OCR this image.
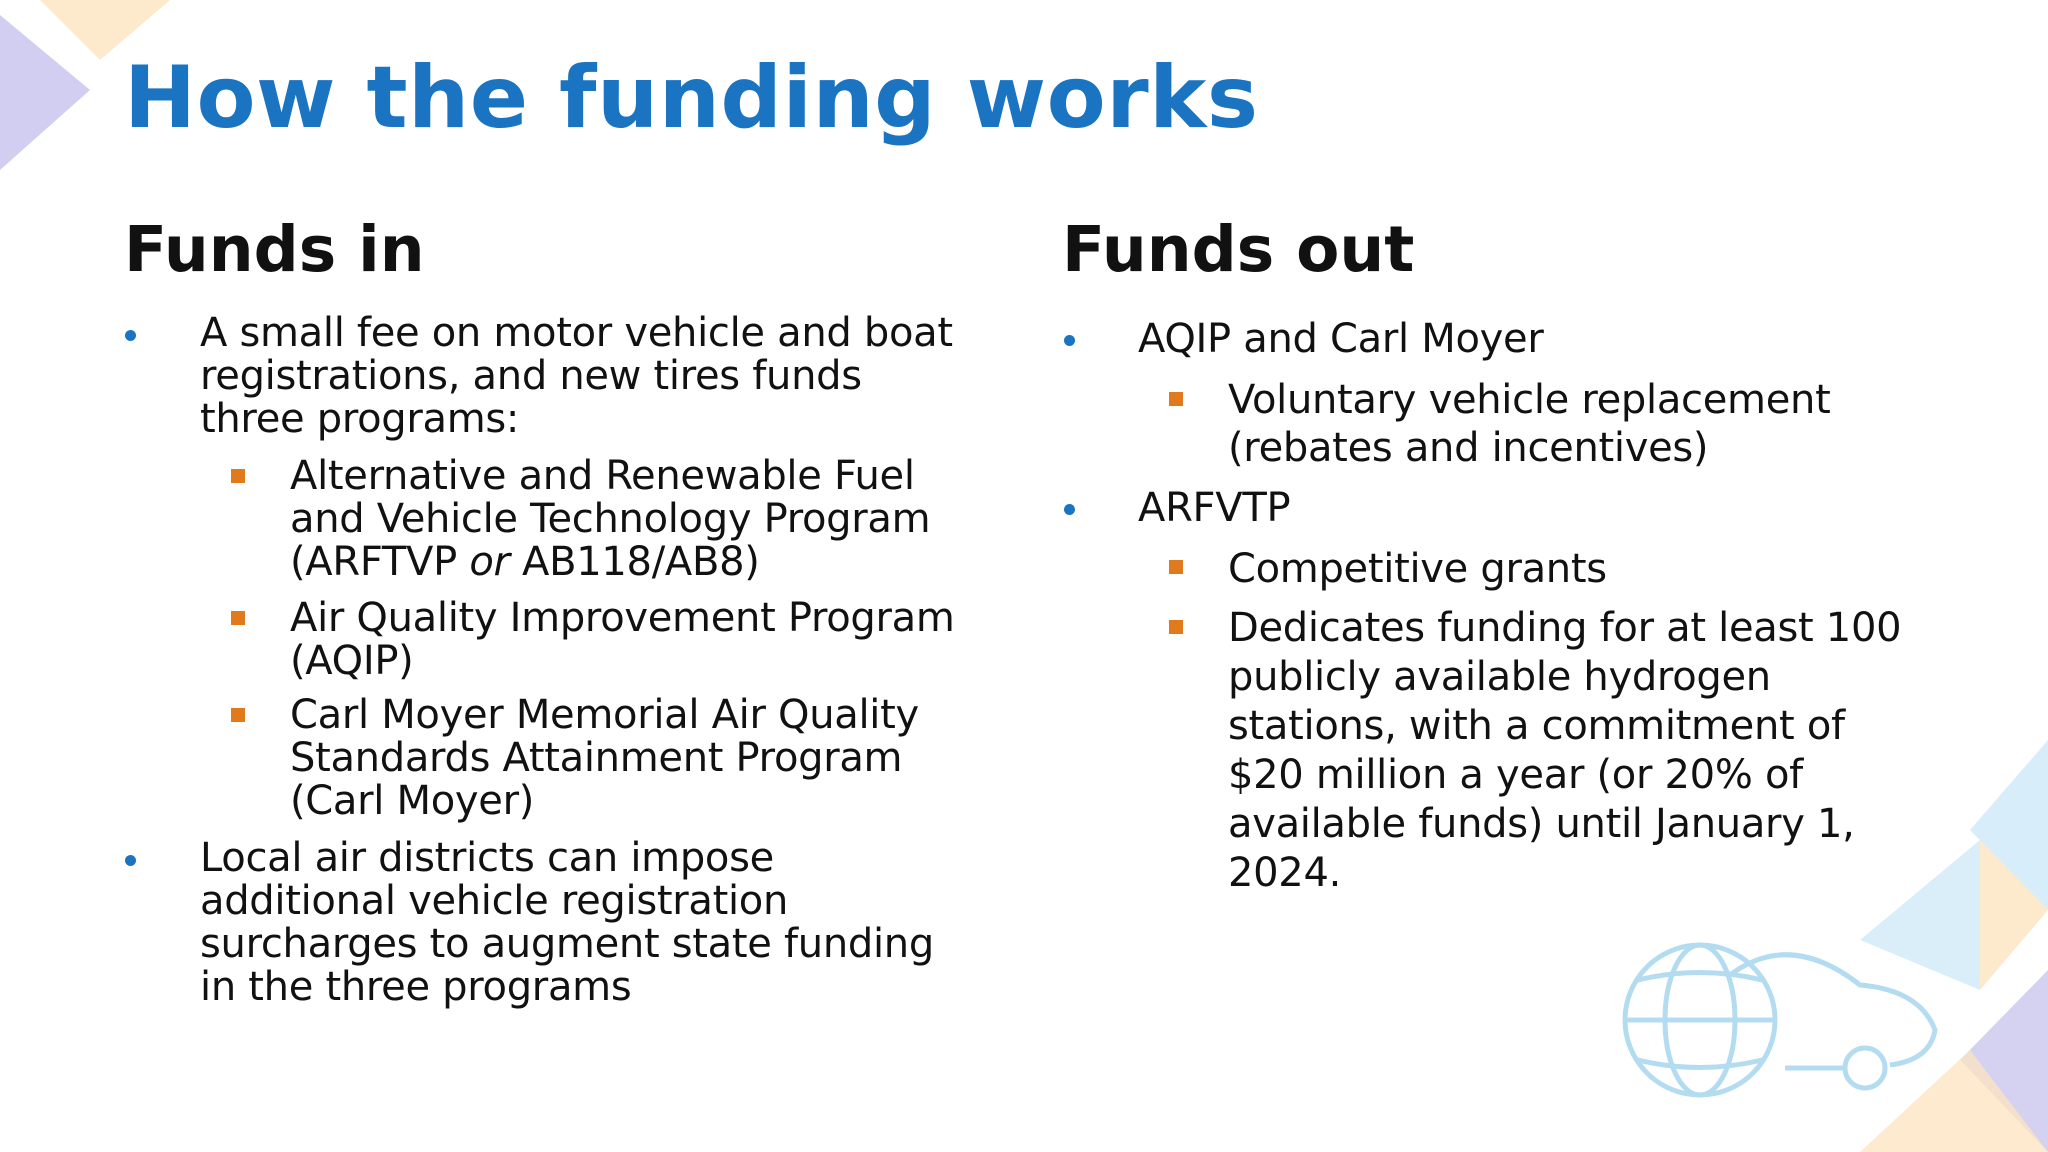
How the funding works
Funds in
A small fee on motor vehicle and boat
registrations, and new tires funds
three programs:
Alternative and Renewable Fuel
and Vehicle Technology Program
(ARFTVP or AB118/AB8)
Air Quality Improvement Program
(AQIP)
Carl Moyer Memorial Air Quality
Standards Attainment Program
(Carl Moyer)
Local air districts can impose
additional vehicle registration
surcharges to augment state funding
in the three programs
Funds out
AQIP and Carl Moyer
Voluntary vehicle replacement
(rebates and incentives)
ARFVTP
Competitive grants
Dedicates funding for at least 100
publicly available hydrogen
stations, with a commitment of
$20 million a year (or 20% of
available funds) until January 1,
2024.
